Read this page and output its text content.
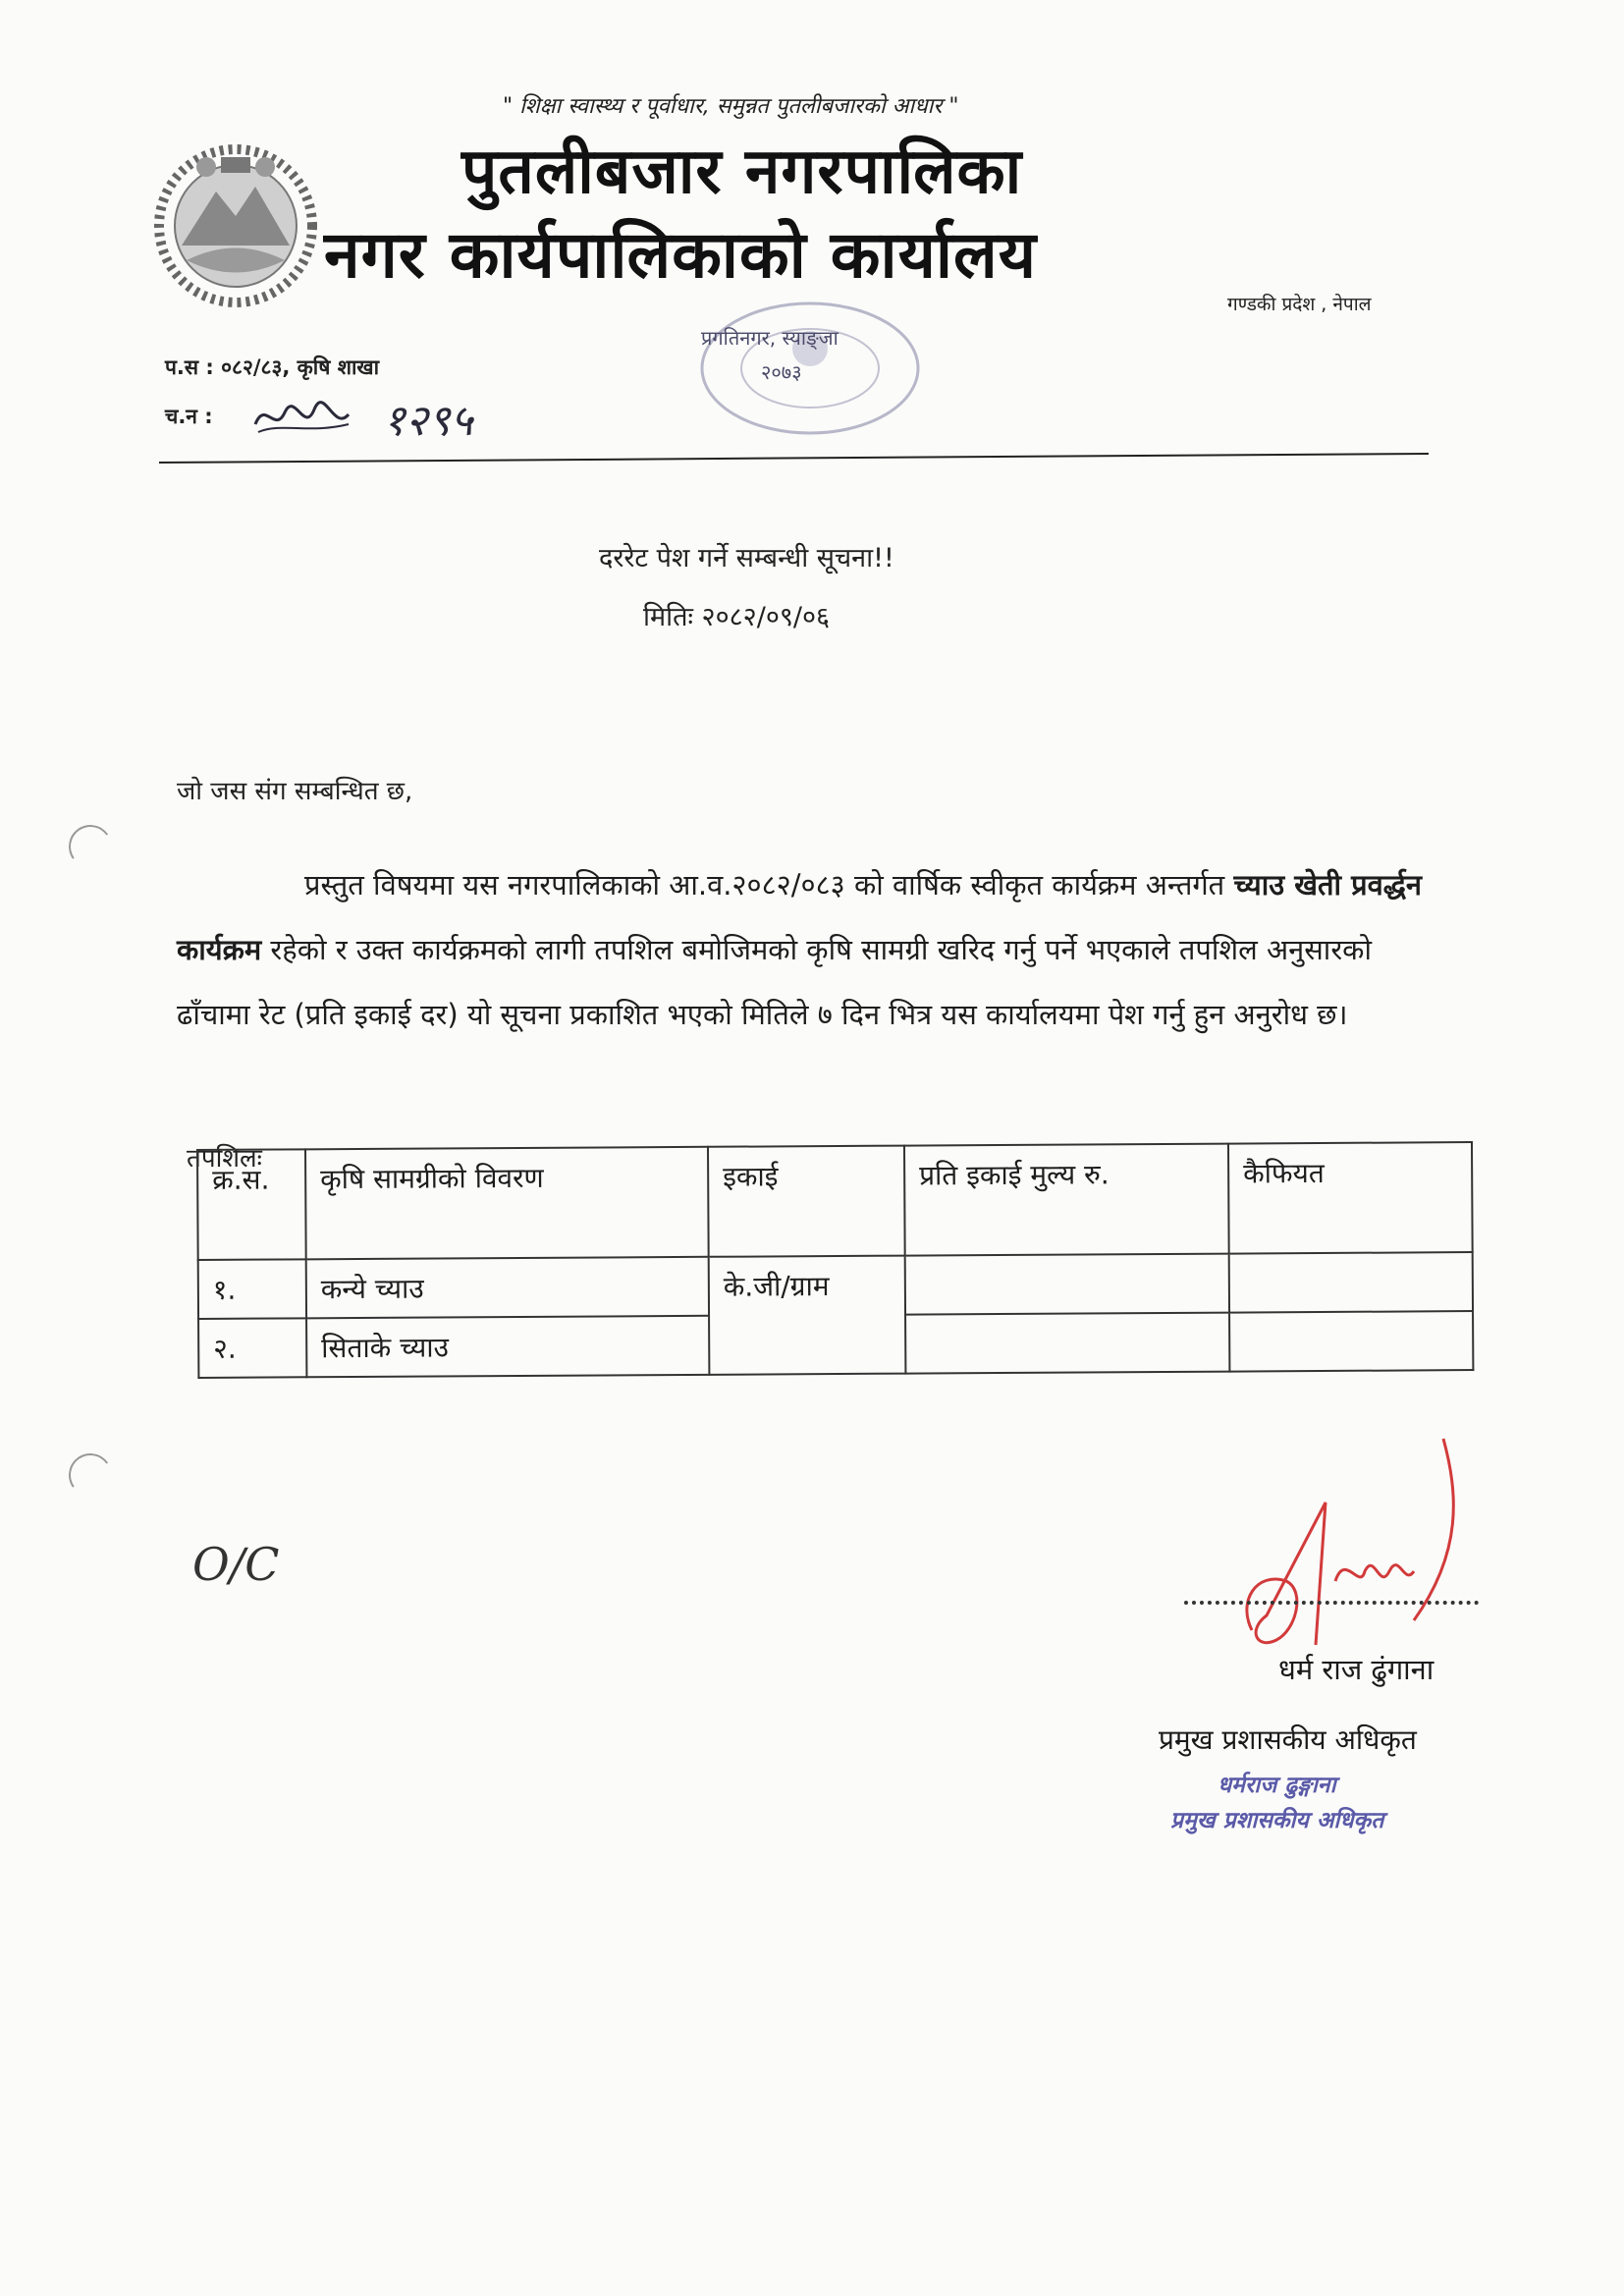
" शिक्षा स्वास्थ्य र पूर्वाधार, समुन्नत पुतलीबजारको आधार "
पुतलीबजार नगरपालिका
नगर कार्यपालिकाको कार्यालय
गण्डकी प्रदेश , नेपाल
प्रगतिनगर, स्याङ्जा
२०७३
प.स : ०८२/८३, कृषि शाखा
च.न :	१२९५
दररेट पेश गर्ने सम्बन्धी सूचना!!
मितिः २०८२/०९/०६
जो जस संग सम्बन्धित छ,
प्रस्तुत विषयमा यस नगरपालिकाको आ.व.२०८२/०८३ को वार्षिक स्वीकृत कार्यक्रम अन्तर्गत च्याउ खेती प्रवर्द्धन कार्यक्रम रहेको र उक्त कार्यक्रमको लागी तपशिल बमोजिमको कृषि सामग्री खरिद गर्नु पर्ने भएकाले तपशिल अनुसारको ढाँचामा रेट (प्रति इकाई दर) यो सूचना प्रकाशित भएको मितिले ७ दिन भित्र यस कार्यालयमा पेश गर्नु हुन अनुरोध छ।
तपशिलः
क्र.स.	कृषि सामग्रीको विवरण	इकाई	प्रति इकाई मुल्य रु.	कैफियत
१.	कन्ये च्याउ	के.जी/ग्राम		
२.	सिताके च्याउ			
O/C
धर्म राज ढुंगाना
प्रमुख प्रशासकीय अधिकृत
धर्मराज ढुङ्गाना
प्रमुख प्रशासकीय अधिकृत
